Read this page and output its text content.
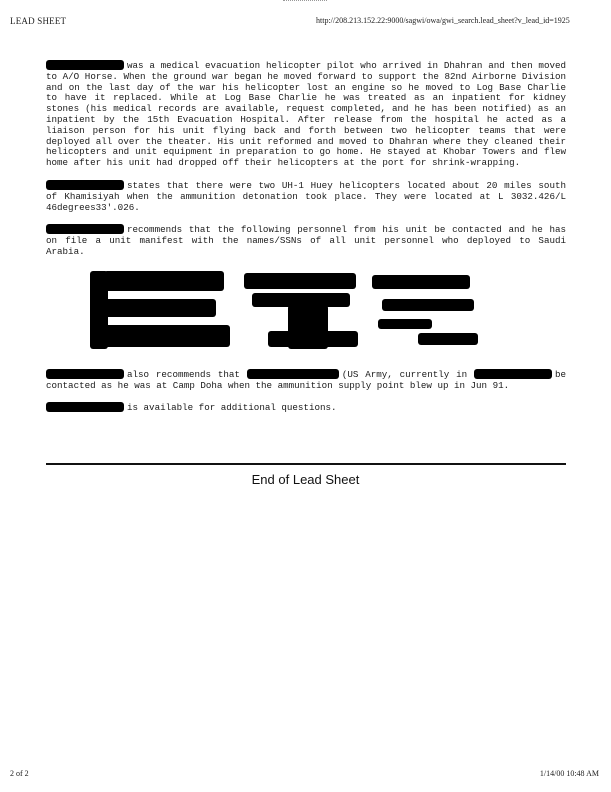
LEAD SHEET	http://208.213.152.22:9000/sagwi/owa/gwi_search.lead_sheet?v_lead_id=1925

was a medical evacuation helicopter pilot who arrived in Dhahran and then moved to A/O Horse. When the ground war began he moved forward to support the 82nd Airborne Division and on the last day of the war his helicopter lost an engine so he moved to Log Base Charlie to have it replaced. While at Log Base Charlie he was treated as an inpatient for kidney stones (his medical records are available, request completed, and he has been notified) as an inpatient by the 15th Evacuation Hospital. After release from the hospital he acted as a liaison person for his unit flying back and forth between two helicopter teams that were deployed all over the theater. His unit reformed and moved to Dhahran where they cleaned their helicopters and unit equipment in preparation to go home. He stayed at Khobar Towers and flew home after his unit had dropped off their helicopters at the port for shrink-wrapping.

states that there were two UH-1 Huey helicopters located about 20 miles south of Khamisiyah when the ammunition detonation took place. They were located at L 3032.426/L 46degrees33'.026.

recommends that the following personnel from his unit be contacted and he has on file a unit manifest with the names/SSNs of all unit personnel who deployed to Saudi Arabia.

also recommends that	(US Army, currently in	be contacted as he was at Camp Doha when the ammunition supply point blew up in Jun 91.

is available for additional questions.

End of Lead Sheet
2 of 2	1/14/00 10:48 AM
